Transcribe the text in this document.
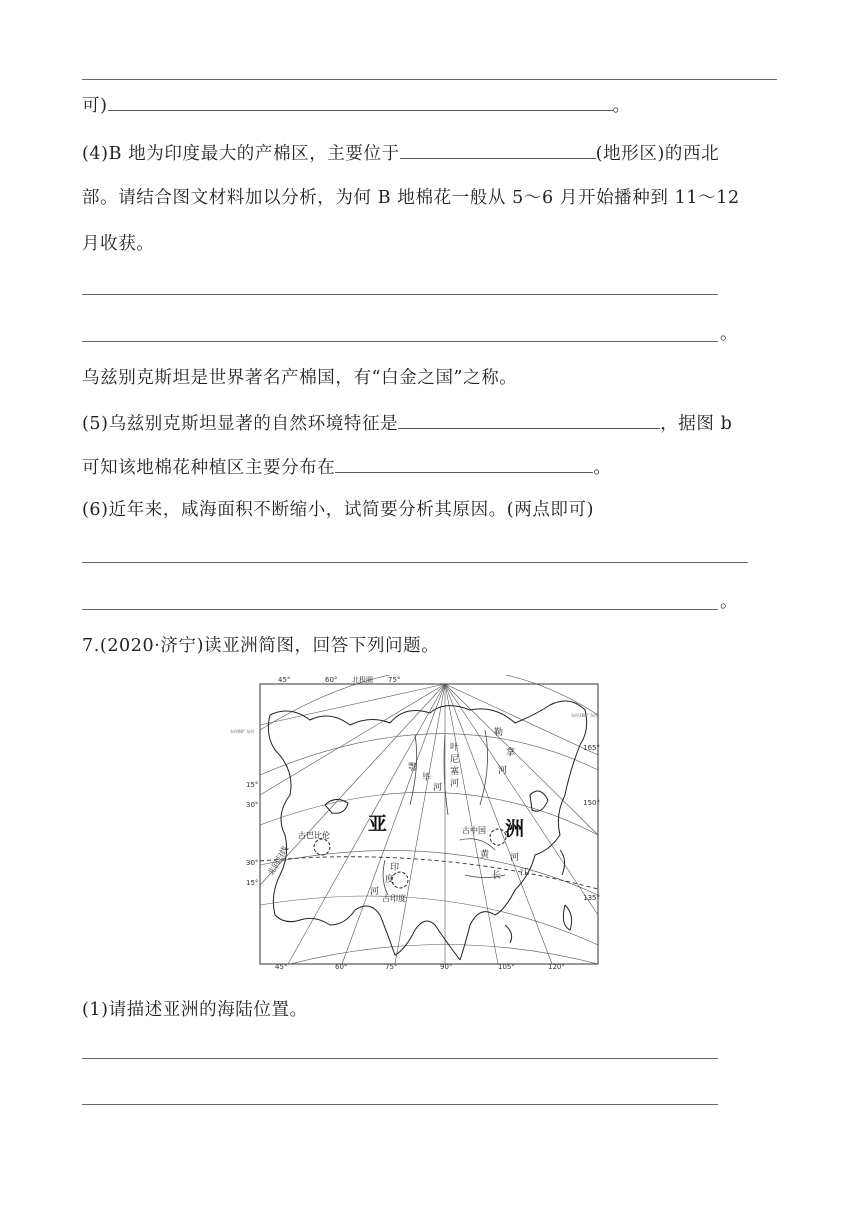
可)	。
(4)B 地为印度最大的产棉区，主要位于	(地形区)的西北
部。请结合图文材料加以分析，为何 B 地棉花一般从 5～6 月开始播种到 11～12
月收获。
。
乌兹别克斯坦是世界著名产棉国，有“白金之国”之称。
(5)乌兹别克斯坦显著的自然环境特征是	，据图 b
可知该地棉花种植区主要分布在	。
(6)近年来，咸海面积不断缩小，试简要分析其原因。(两点即可)
。
7.(2020·济宁)读亚洲简图，回答下列问题。
45°	60° 北极圈 75°
45°	60°	75°	90°	105°	120°
15°
30°
30°
15°
165°
150°
135°
东经60° 东经
东经160° 东经
鄂
毕
河
叶
尼
塞
河
勒
拿
河
黄 河
长 江
印
度
河
亚	洲
古巴比伦
古中国
古印度
北回归线
(1)请描述亚洲的海陆位置。
